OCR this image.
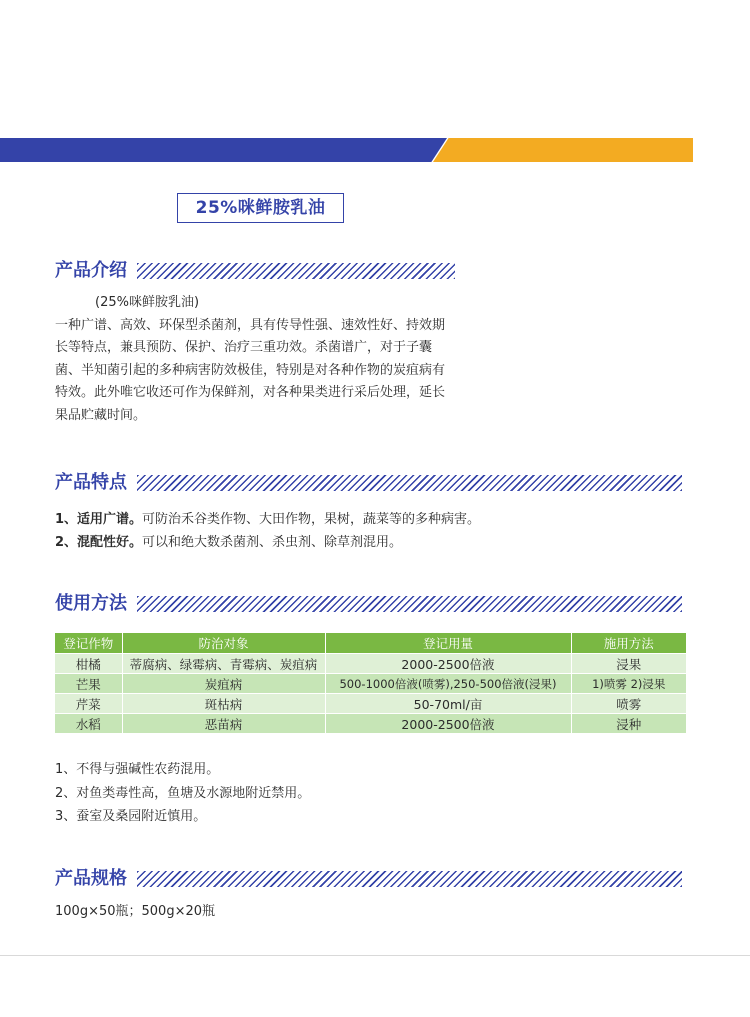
25%咪鲜胺乳油
产品介绍
(25%咪鲜胺乳油)
一种广谱、高效、环保型杀菌剂，具有传导性强、速效性好、持效期
长等特点，兼具预防、保护、治疗三重功效。杀菌谱广，对于子囊
菌、半知菌引起的多种病害防效极佳，特别是对各种作物的炭疽病有
特效。此外唯它收还可作为保鲜剂，对各种果类进行采后处理，延长
果品贮藏时间。
产品特点
1、适用广谱。可防治禾谷类作物、大田作物，果树，蔬菜等的多种病害。
2、混配性好。可以和绝大数杀菌剂、杀虫剂、除草剂混用。
使用方法
登记作物	防治对象	登记用量	施用方法
柑橘	蒂腐病、绿霉病、青霉病、炭疽病	2000-2500倍液	浸果
芒果	炭疽病	500-1000倍液(喷雾),250-500倍液(浸果)	1)喷雾 2)浸果
芹菜	斑枯病	50-70ml/亩	喷雾
水稻	恶苗病	2000-2500倍液	浸种
1、不得与强碱性农药混用。
2、对鱼类毒性高，鱼塘及水源地附近禁用。
3、蚕室及桑园附近慎用。
产品规格
100g×50瓶；500g×20瓶
